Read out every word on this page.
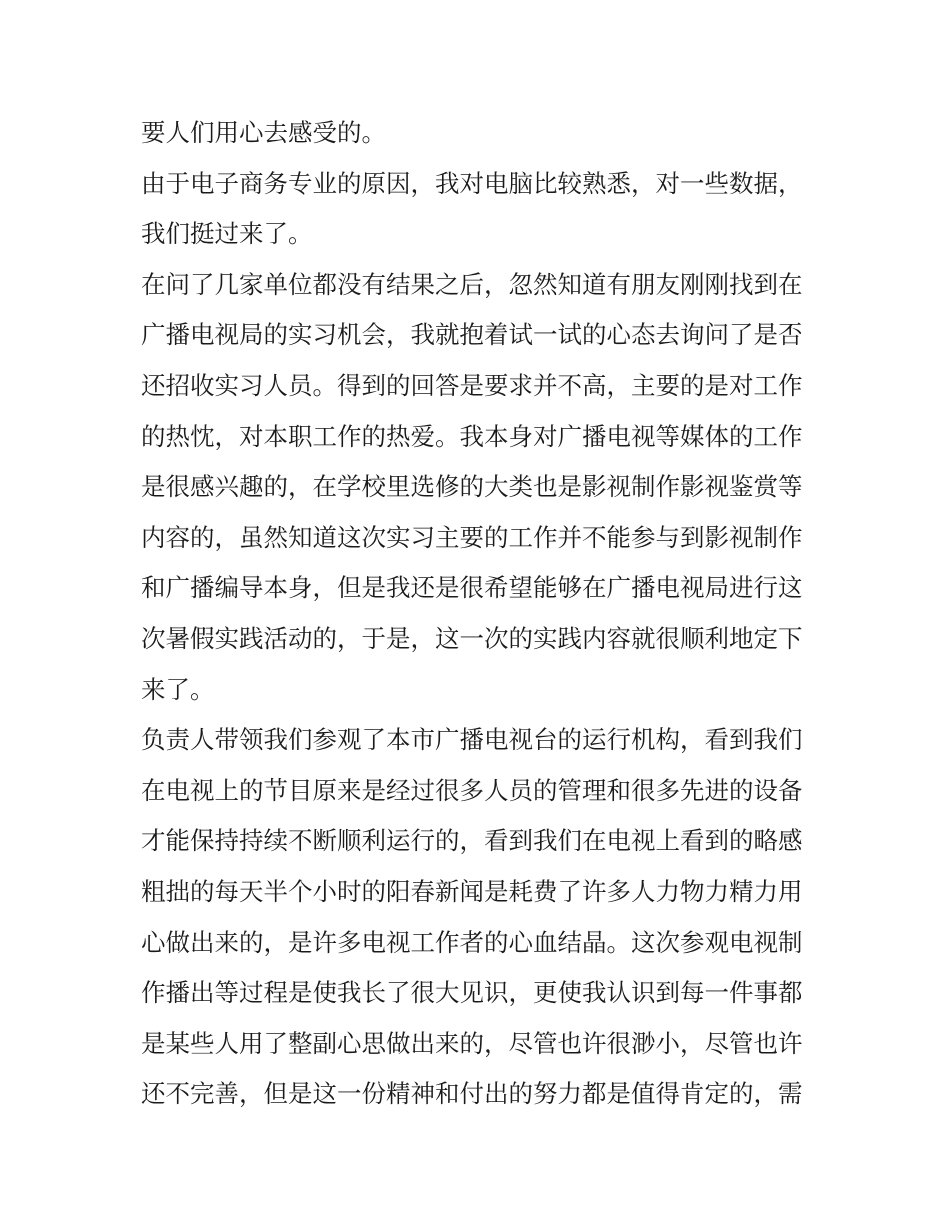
要人们用心去感受的。
由于电子商务专业的原因，我对电脑比较熟悉，对一些数据，
我们挺过来了。
在问了几家单位都没有结果之后，忽然知道有朋友刚刚找到在
广播电视局的实习机会，我就抱着试一试的心态去询问了是否
还招收实习人员。得到的回答是要求并不高，主要的是对工作
的热忱，对本职工作的热爱。我本身对广播电视等媒体的工作
是很感兴趣的，在学校里选修的大类也是影视制作影视鉴赏等
内容的，虽然知道这次实习主要的工作并不能参与到影视制作
和广播编导本身，但是我还是很希望能够在广播电视局进行这
次暑假实践活动的，于是，这一次的实践内容就很顺利地定下
来了。
负责人带领我们参观了本市广播电视台的运行机构，看到我们
在电视上的节目原来是经过很多人员的管理和很多先进的设备
才能保持持续不断顺利运行的，看到我们在电视上看到的略感
粗拙的每天半个小时的阳春新闻是耗费了许多人力物力精力用
心做出来的，是许多电视工作者的心血结晶。这次参观电视制
作播出等过程是使我长了很大见识，更使我认识到每一件事都
是某些人用了整副心思做出来的，尽管也许很渺小，尽管也许
还不完善，但是这一份精神和付出的努力都是值得肯定的，需
